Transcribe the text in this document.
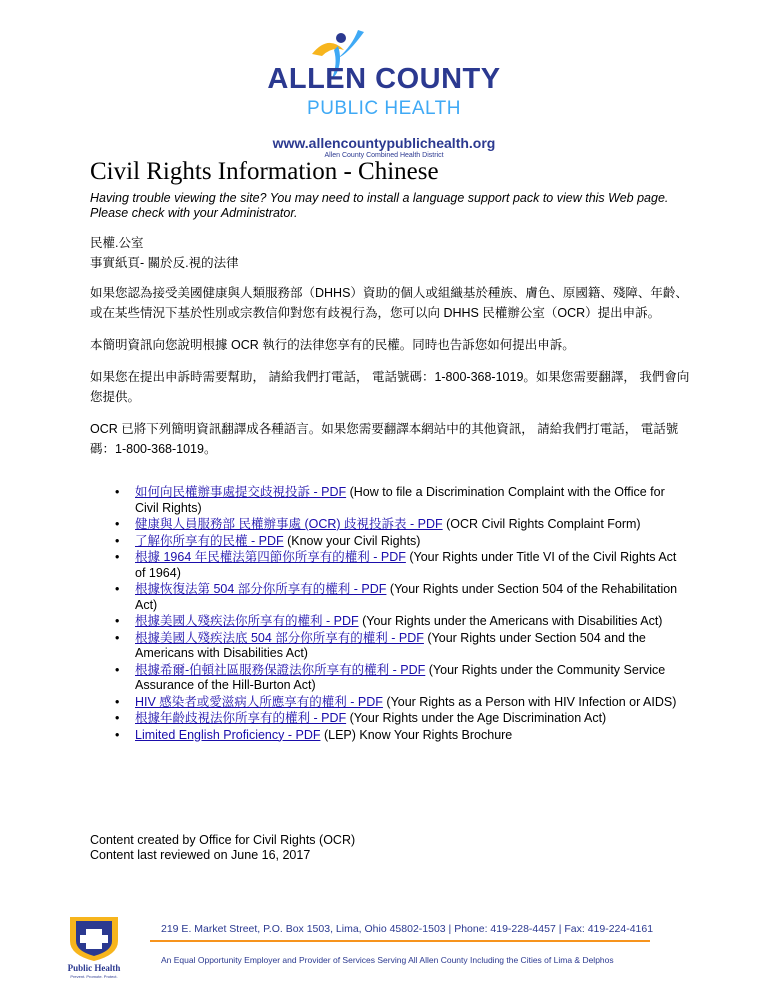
ALLEN COUNTY
PUBLIC HEALTH
www.allencountypublichealth.org
Allen County Combined Health District
Civil Rights Information - Chinese

Having trouble viewing the site? You may need to install a language support pack to view this Web page. Please check with your Administrator.

民權.公室

事實紙頁- 關於反.視的法律

如果您認為接受美國健康與人類服務部（DHHS）資助的個人或組織基於種族、膚色、原國籍、殘障、年齡、或在某些情況下基於性別或宗教信仰對您有歧視行為，您可以向 DHHS 民權辦公室（OCR）提出申訴。

本簡明資訊向您說明根據 OCR 執行的法律您享有的民權。同時也告訴您如何提出申訴。

如果您在提出申訴時需要幫助， 請給我們打電話， 電話號碼：1-800-368-1019。如果您需要翻譯， 我們會向您提供。

OCR 已將下列簡明資訊翻譯成各種語言。如果您需要翻譯本網站中的其他資訊， 請給我們打電話， 電話號碼：1-800-368-1019。

• 如何向民權辦事處提交歧視投訴 - PDF (How to file a Discrimination Complaint with the Office for Civil Rights)
• 健康與人員服務部 民權辦事處 (OCR) 歧視投訴表 - PDF (OCR Civil Rights Complaint Form)
• 了解你所享有的民權 - PDF (Know your Civil Rights)
• 根據 1964 年民權法第四節你所享有的權利 - PDF (Your Rights under Title VI of the Civil Rights Act of 1964)
• 根據恢復法第 504 部分你所享有的權利 - PDF (Your Rights under Section 504 of the Rehabilitation Act)
• 根據美國人殘疾法你所享有的權利 - PDF (Your Rights under the Americans with Disabilities Act)
• 根據美國人殘疾法底 504 部分你所享有的權利 - PDF (Your Rights under Section 504 and the Americans with Disabilities Act)
• 根據希爾-伯頓社區服務保證法你所享有的權利 - PDF (Your Rights under the Community Service Assurance of the Hill-Burton Act)
• HIV 感染者或愛滋病人所應享有的權利 - PDF (Your Rights as a Person with HIV Infection or AIDS)
• 根據年齡歧視法你所享有的權利 - PDF (Your Rights under the Age Discrimination Act)
• Limited English Proficiency - PDF (LEP) Know Your Rights Brochure
Content created by Office for Civil Rights (OCR)
Content last reviewed on June 16, 2017
Public Health
Prevent. Promote. Protect.
219 E. Market Street, P.O. Box 1503, Lima, Ohio 45802-1503 | Phone: 419-228-4457 | Fax: 419-224-4161
An Equal Opportunity Employer and Provider of Services Serving All Allen County Including the Cities of Lima & Delphos
